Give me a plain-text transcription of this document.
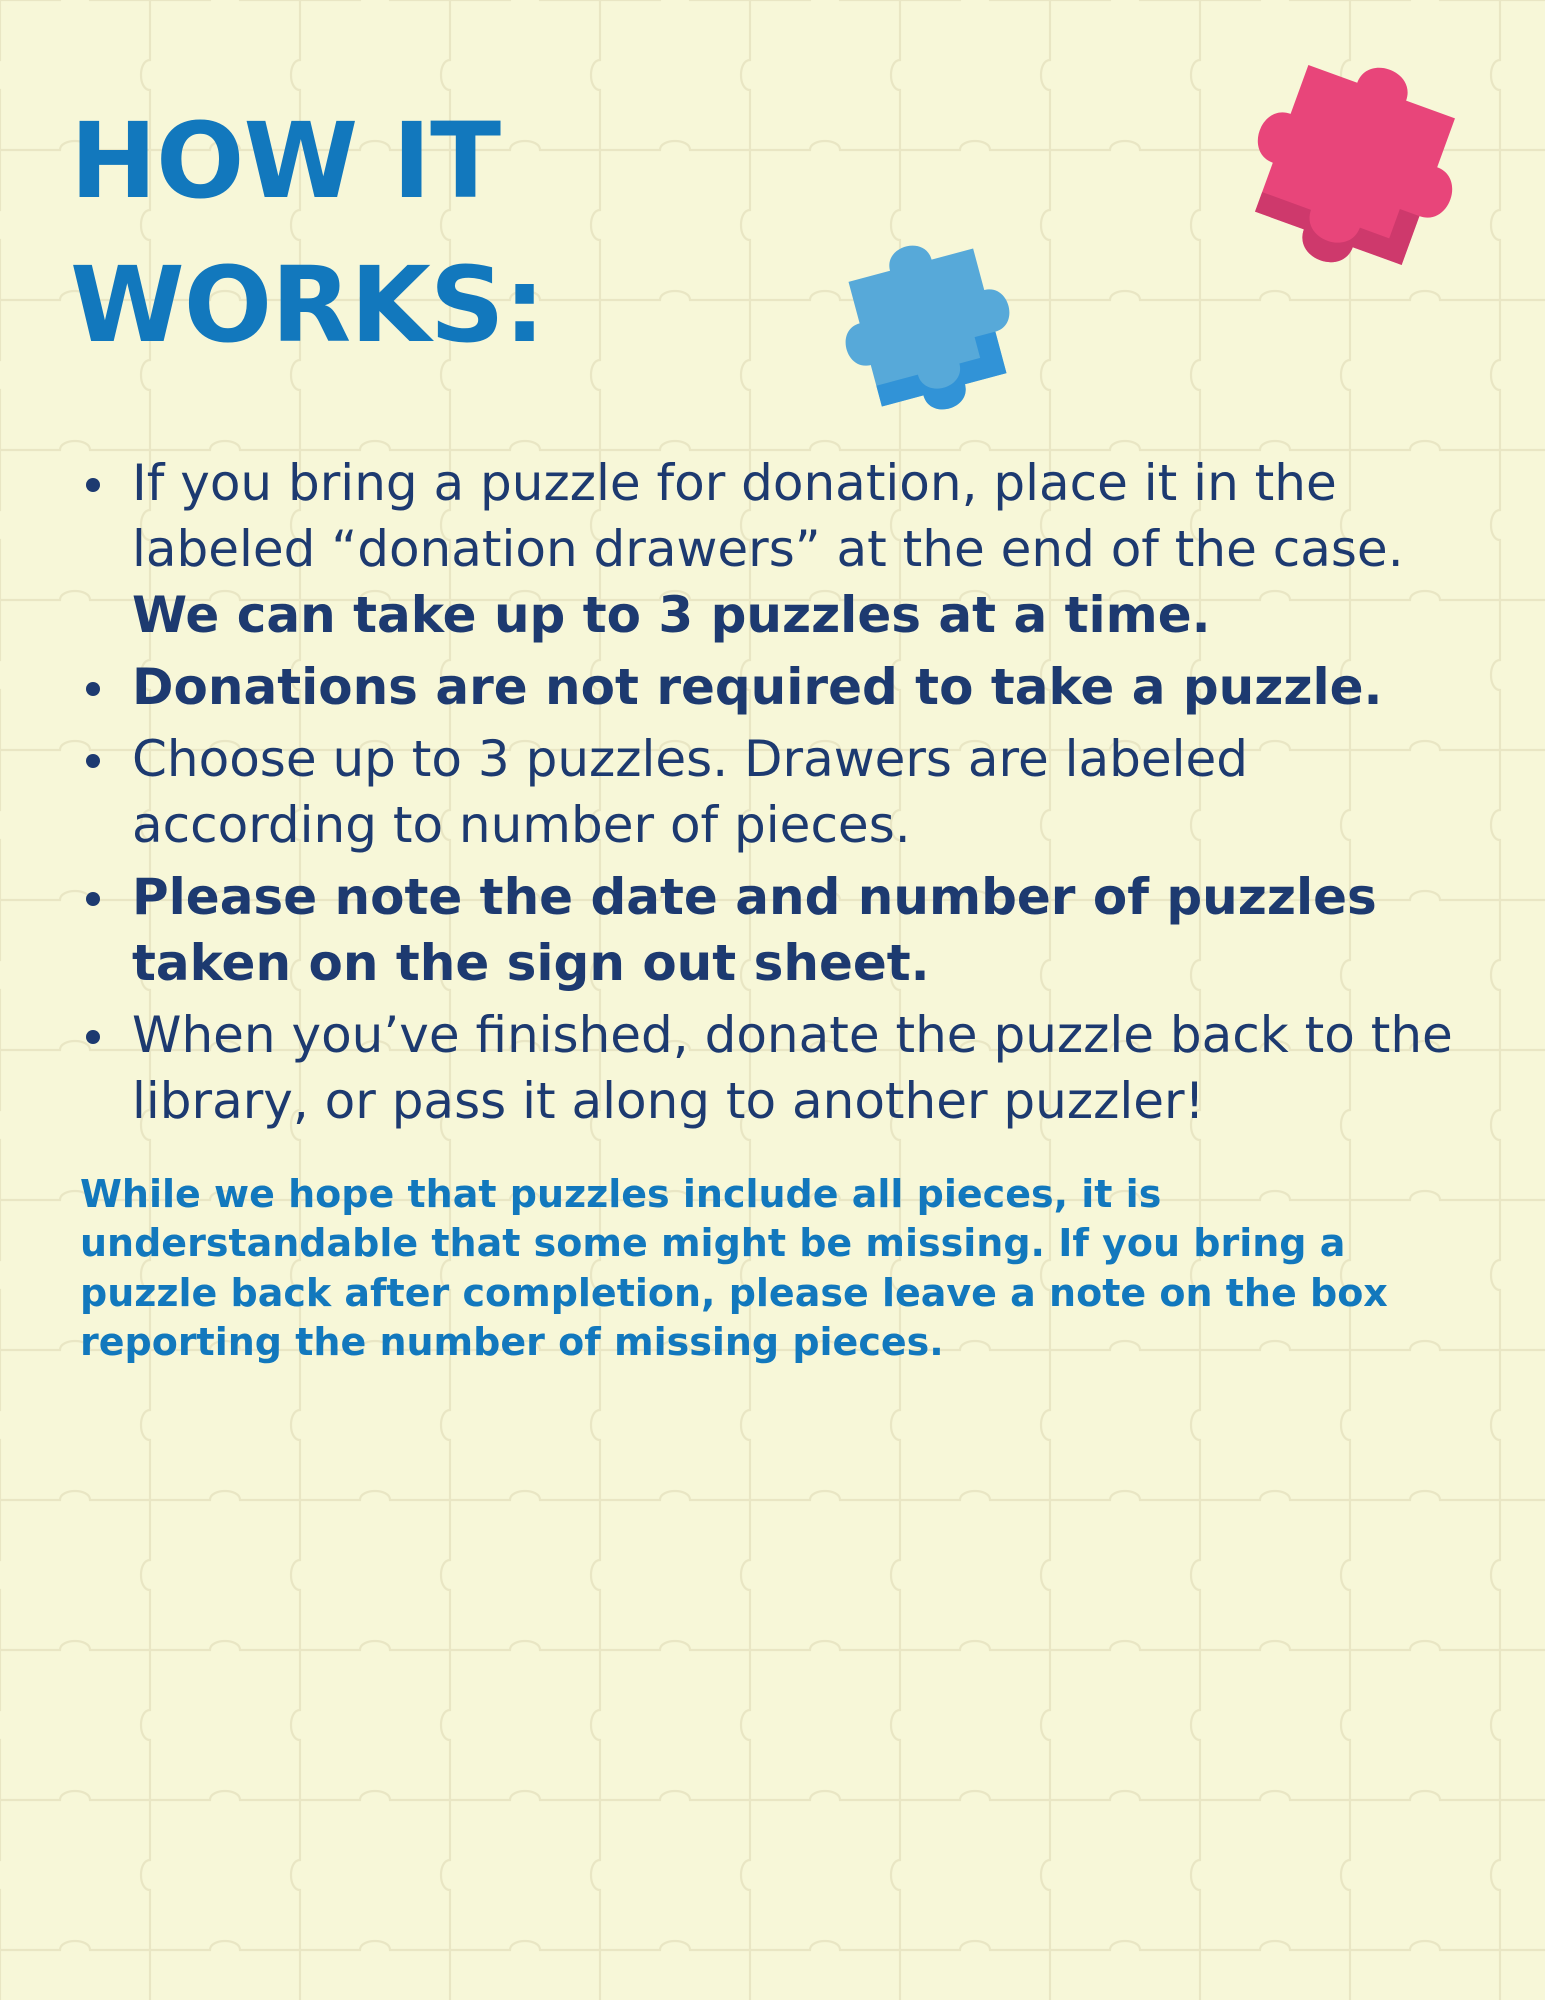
HOW IT WORKS:
If you bring a puzzle for donation, place it in the labeled “donation drawers” at the end of the case. We can take up to 3 puzzles at a time.
Donations are not required to take a puzzle.
Choose up to 3 puzzles. Drawers are labeled according to number of pieces.
Please note the date and number of puzzles taken on the sign out sheet.
When you’ve finished, donate the puzzle back to the library, or pass it along to another puzzler!
While we hope that puzzles include all pieces, it is understandable that some might be missing. If you bring a puzzle back after completion, please leave a note on the box reporting the number of missing pieces.
